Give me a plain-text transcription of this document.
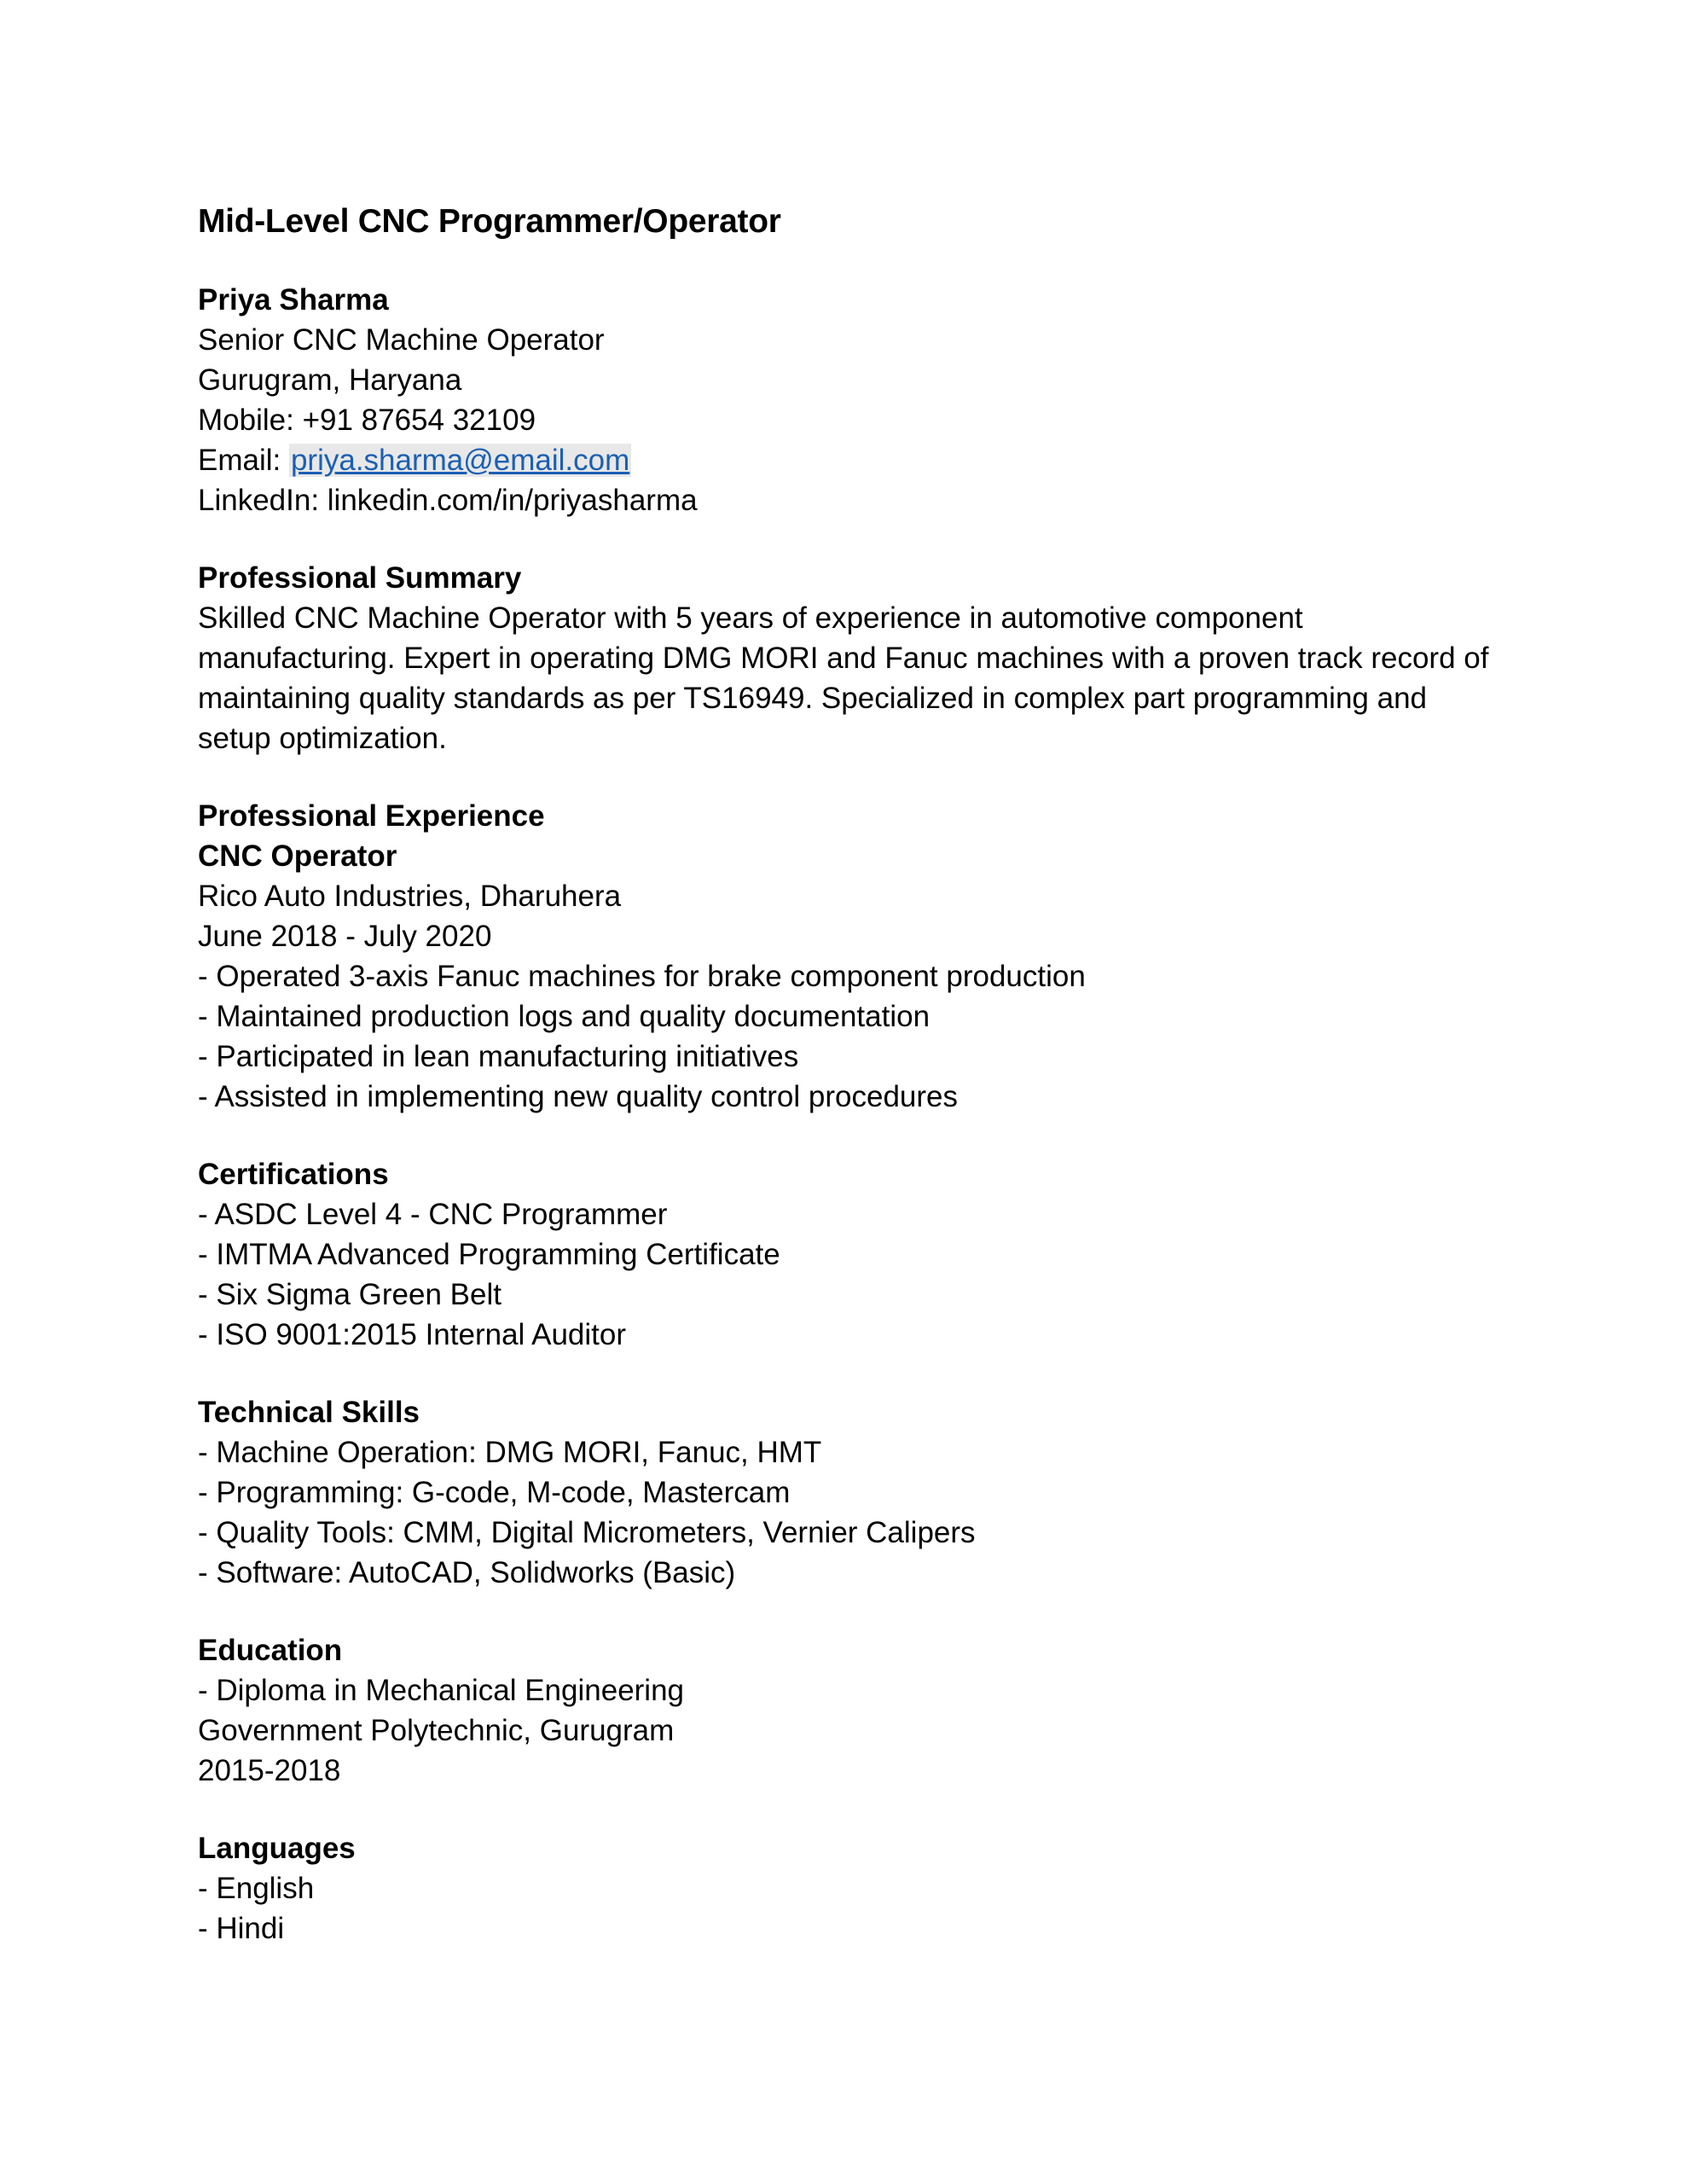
Mid-Level CNC Programmer/Operator
Priya Sharma
Senior CNC Machine Operator
Gurugram, Haryana
Mobile: +91 87654 32109
Email: priya.sharma@email.com
LinkedIn: linkedin.com/in/priyasharma
Professional Summary
Skilled CNC Machine Operator with 5 years of experience in automotive component manufacturing. Expert in operating DMG MORI and Fanuc machines with a proven track record of maintaining quality standards as per TS16949. Specialized in complex part programming and setup optimization.
Professional Experience
CNC Operator
Rico Auto Industries, Dharuhera
June 2018 - July 2020
- Operated 3-axis Fanuc machines for brake component production
- Maintained production logs and quality documentation
- Participated in lean manufacturing initiatives
- Assisted in implementing new quality control procedures
Certifications
- ASDC Level 4 - CNC Programmer
- IMTMA Advanced Programming Certificate
- Six Sigma Green Belt
- ISO 9001:2015 Internal Auditor
Technical Skills
- Machine Operation: DMG MORI, Fanuc, HMT
- Programming: G-code, M-code, Mastercam
- Quality Tools: CMM, Digital Micrometers, Vernier Calipers
- Software: AutoCAD, Solidworks (Basic)
Education
- Diploma in Mechanical Engineering
Government Polytechnic, Gurugram
2015-2018
Languages
- English
- Hindi
